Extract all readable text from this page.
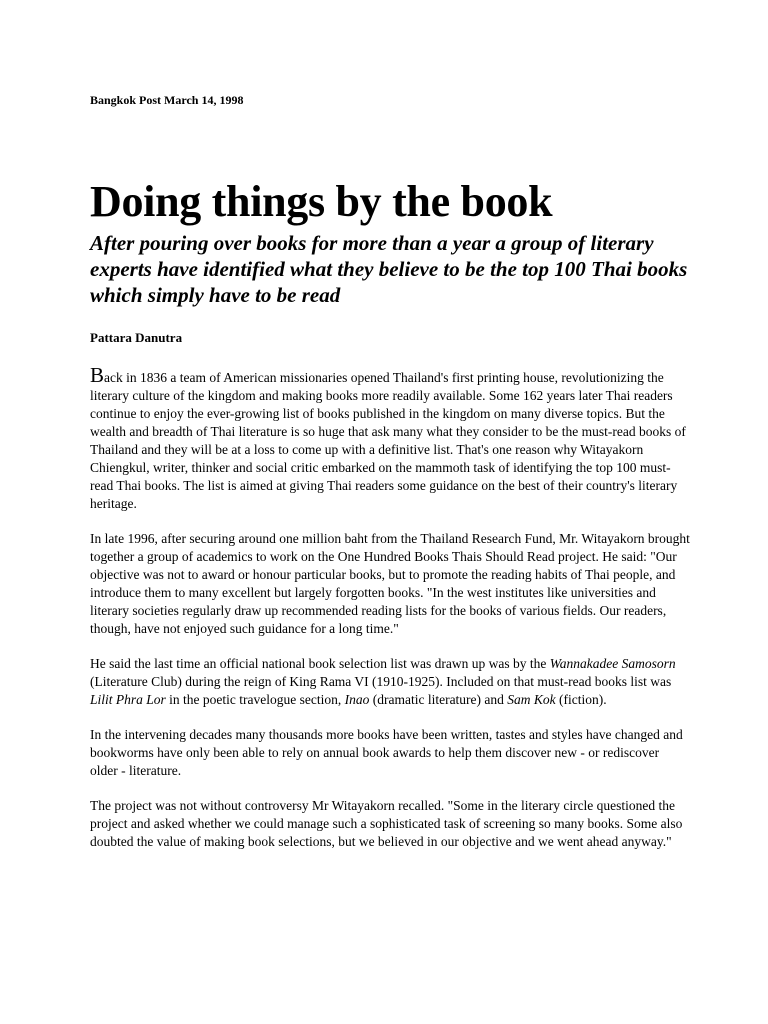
Bangkok Post March 14, 1998

Doing things by the book

After pouring over books for more than a year a group of literary experts have identified what they believe to be the top 100 Thai books which simply have to be read

Pattara Danutra

Back in 1836 a team of American missionaries opened Thailand's first printing house, revolutionizing the literary culture of the kingdom and making books more readily available. Some 162 years later Thai readers continue to enjoy the ever-growing list of books published in the kingdom on many diverse topics. But the wealth and breadth of Thai literature is so huge that ask many what they consider to be the must-read books of Thailand and they will be at a loss to come up with a definitive list. That's one reason why Witayakorn Chiengkul, writer, thinker and social critic embarked on the mammoth task of identifying the top 100 must-read Thai books. The list is aimed at giving Thai readers some guidance on the best of their country's literary heritage.

In late 1996, after securing around one million baht from the Thailand Research Fund, Mr. Witayakorn brought together a group of academics to work on the One Hundred Books Thais Should Read project. He said: "Our objective was not to award or honour particular books, but to promote the reading habits of Thai people, and introduce them to many excellent but largely forgotten books. "In the west institutes like universities and literary societies regularly draw up recommended reading lists for the books of various fields. Our readers, though, have not enjoyed such guidance for a long time."

He said the last time an official national book selection list was drawn up was by the Wannakadee Samosorn (Literature Club) during the reign of King Rama VI (1910-1925). Included on that must-read books list was Lilit Phra Lor in the poetic travelogue section, Inao (dramatic literature) and Sam Kok (fiction).

In the intervening decades many thousands more books have been written, tastes and styles have changed and bookworms have only been able to rely on annual book awards to help them discover new - or rediscover older - literature.

The project was not without controversy Mr Witayakorn recalled. "Some in the literary circle questioned the project and asked whether we could manage such a sophisticated task of screening so many books. Some also doubted the value of making book selections, but we believed in our objective and we went ahead anyway."
